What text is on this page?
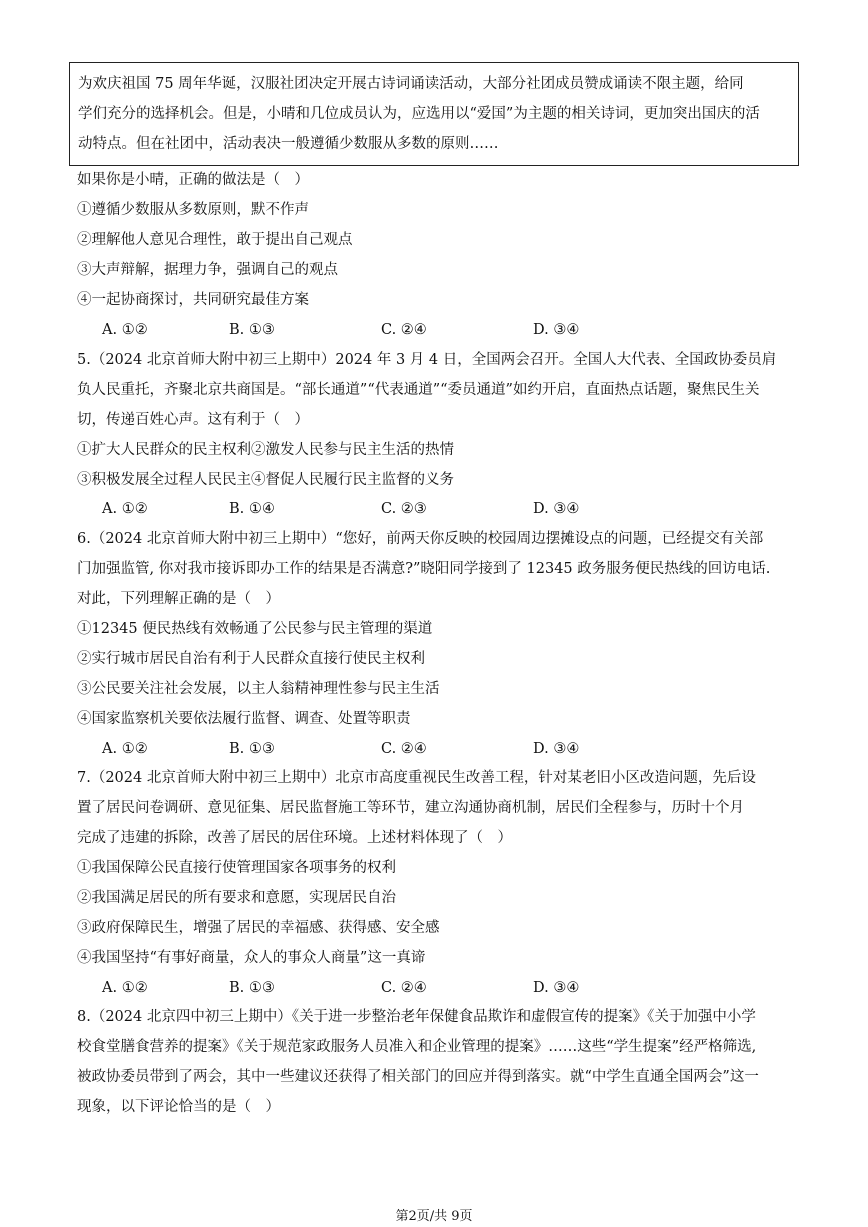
为欢庆祖国 75 周年华诞，汉服社团决定开展古诗词诵读活动，大部分社团成员赞成诵读不限主题，给同
学们充分的选择机会。但是，小晴和几位成员认为，应选用以“爱国”为主题的相关诗词，更加突出国庆的活
动特点。但在社团中，活动表决一般遵循少数服从多数的原则……
如果你是小晴，正确的做法是（　）
①遵循少数服从多数原则，默不作声
②理解他人意见合理性，敢于提出自己观点
③大声辩解，据理力争，强调自己的观点
④一起协商探讨，共同研究最佳方案
A. ①②	B. ①③	C. ②④	D. ③④
5.（2024 北京首师大附中初三上期中）2024 年 3 月 4 日，全国两会召开。全国人大代表、全国政协委员肩
负人民重托，齐聚北京共商国是。“部长通道”“代表通道”“委员通道”如约开启，直面热点话题，聚焦民生关
切，传递百姓心声。这有利于（　）
①扩大人民群众的民主权利②激发人民参与民主生活的热情
③积极发展全过程人民民主④督促人民履行民主监督的义务
A. ①②	B. ①④	C. ②③	D. ③④
6.（2024 北京首师大附中初三上期中）“您好，前两天你反映的校园周边摆摊设点的问题，已经提交有关部
门加强监管, 你对我市接诉即办工作的结果是否满意?”晓阳同学接到了 12345 政务服务便民热线的回访电话.
对此，下列理解正确的是（　）
①12345 便民热线有效畅通了公民参与民主管理的渠道
②实行城市居民自治有利于人民群众直接行使民主权利
③公民要关注社会发展，以主人翁精神理性参与民主生活
④国家监察机关要依法履行监督、调查、处置等职责
A. ①②	B. ①③	C. ②④	D. ③④
7.（2024 北京首师大附中初三上期中）北京市高度重视民生改善工程，针对某老旧小区改造问题，先后设
置了居民问卷调研、意见征集、居民监督施工等环节，建立沟通协商机制，居民们全程参与，历时十个月
完成了违建的拆除，改善了居民的居住环境。上述材料体现了（　）
①我国保障公民直接行使管理国家各项事务的权利
②我国满足居民的所有要求和意愿，实现居民自治
③政府保障民生，增强了居民的幸福感、获得感、安全感
④我国坚持“有事好商量，众人的事众人商量”这一真谛
A. ①②	B. ①③	C. ②④	D. ③④
8.（2024 北京四中初三上期中）《关于进一步整治老年保健食品欺诈和虚假宣传的提案》《关于加强中小学
校食堂膳食营养的提案》《关于规范家政服务人员准入和企业管理的提案》……这些“学生提案”经严格筛选,
被政协委员带到了两会，其中一些建议还获得了相关部门的回应并得到落实。就“中学生直通全国两会”这一
现象，以下评论恰当的是（　）
第2页/共 9页
